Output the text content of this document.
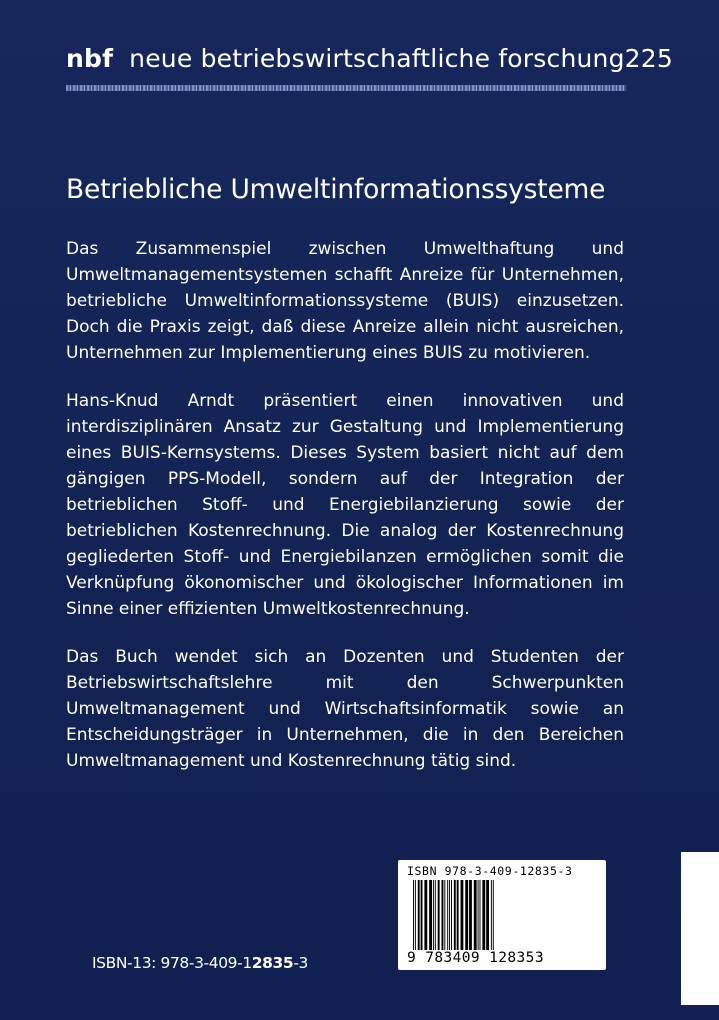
nbf neue betriebswirtschaftliche forschung 225
Betriebliche Umweltinformationssysteme

Das Zusammenspiel zwischen Umwelthaftung und Umweltmanagementsystemen schafft Anreize für Unternehmen, betriebliche Umweltinformationssysteme (BUIS) einzusetzen. Doch die Praxis zeigt, daß diese Anreize allein nicht ausreichen, Unternehmen zur Implementierung eines BUIS zu motivieren.

Hans-Knud Arndt präsentiert einen innovativen und interdisziplinären Ansatz zur Gestaltung und Implementierung eines BUIS-Kernsystems. Dieses System basiert nicht auf dem gängigen PPS-Modell, sondern auf der Integration der betrieblichen Stoff- und Energiebilanzierung sowie der betrieblichen Kostenrechnung. Die analog der Kostenrechnung gegliederten Stoff- und Energiebilanzen ermöglichen somit die Verknüpfung ökonomischer und ökologischer Informationen im Sinne einer effizienten Umweltkostenrechnung.

Das Buch wendet sich an Dozenten und Studenten der Betriebswirtschaftslehre mit den Schwerpunkten Umweltmanagement und Wirtschaftsinformatik sowie an Entscheidungsträger in Unternehmen, die in den Bereichen Umweltmanagement und Kostenrechnung tätig sind.

ISBN 978-3-409-12835-3
9 783409 128353
ISBN-13: 978-3-409-12835-3
